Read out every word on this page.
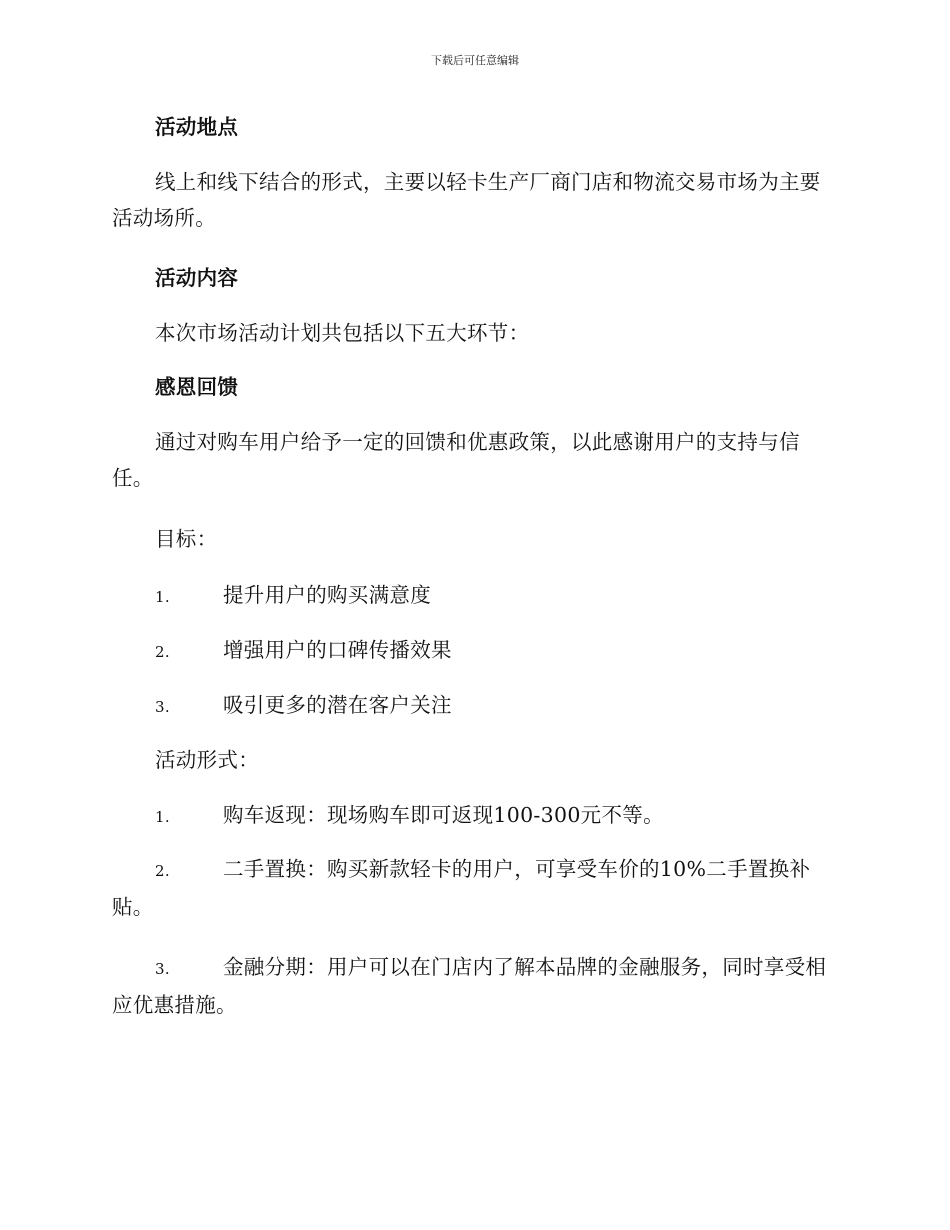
下载后可任意编辑
活动地点
线上和线下结合的形式，主要以轻卡生产厂商门店和物流交易市场为主要活动场所。
活动内容
本次市场活动计划共包括以下五大环节：
感恩回馈
通过对购车用户给予一定的回馈和优惠政策，以此感谢用户的支持与信任。
目标：
1.	提升用户的购买满意度
2.	增强用户的口碑传播效果
3.	吸引更多的潜在客户关注
活动形式：
1.	购车返现：现场购车即可返现100-300元不等。
2.	二手置换：购买新款轻卡的用户，可享受车价的10%二手置换补贴。
3.	金融分期：用户可以在门店内了解本品牌的金融服务，同时享受相应优惠措施。
